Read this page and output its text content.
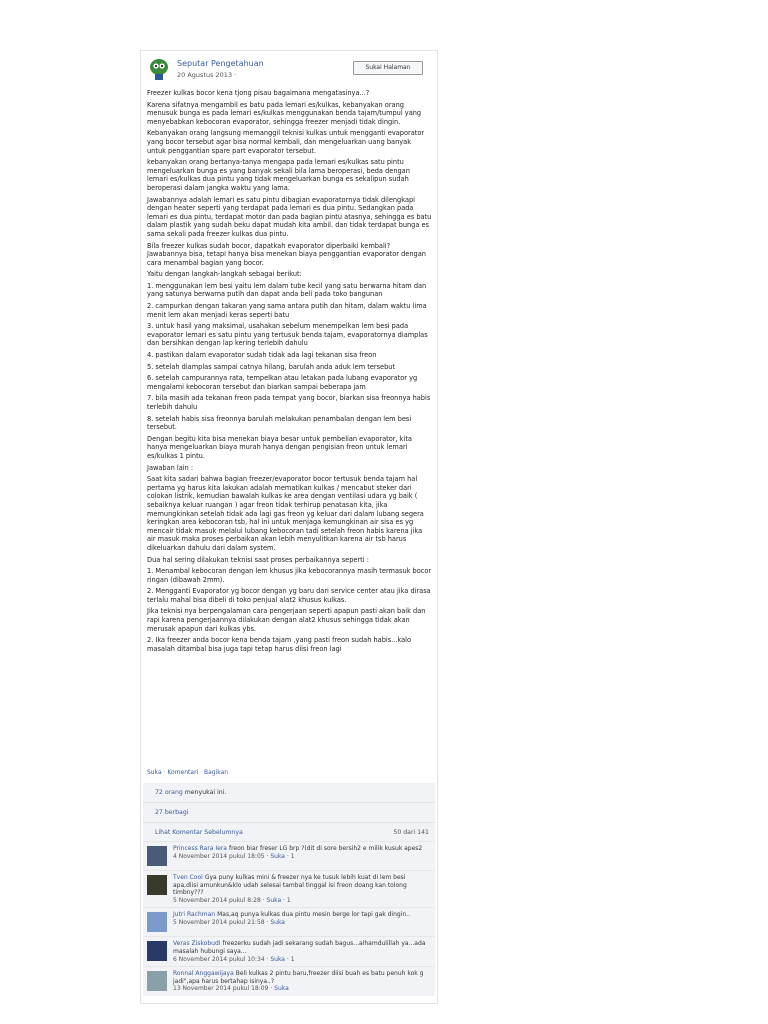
Seputar Pengetahuan
20 Agustus 2013 ·
Sukai Halaman

Freezer kulkas bocor kena tjong pisau bagaimana mengatasinya...?

Karena sifatnya mengambil es batu pada lemari es/kulkas, kebanyakan orang menusuk bunga es pada lemari es/kulkas menggunakan benda tajam/tumpul yang menyebabkan kebocoran evaporator, sehingga freezer menjadi tidak dingin.

Kebanyakan orang langsung memanggil teknisi kulkas untuk mengganti evaporator yang bocor tersebut agar bisa normal kembali, dan mengeluarkan uang banyak untuk penggantian spare part evaporator tersebut.

kebanyakan orang bertanya-tanya mengapa pada lemari es/kulkas satu pintu mengeluarkan bunga es yang banyak sekali bila lama beroperasi, beda dengan lemari es/kulkas dua pintu yang tidak mengeluarkan bunga es sekalipun sudah beroperasi dalam jangka waktu yang lama.

Jawabannya adalah lemari es satu pintu dibagian evaporatornya tidak dilengkapi dengan heater seperti yang terdapat pada lemari es dua pintu. Sedangkan pada lemari es dua pintu, terdapat motor dan pada bagian pintu atasnya, sehingga es batu dalam plastik yang sudah beku dapat mudah kita ambil. dan tidak terdapat bunga es sama sekali pada freezer kulkas dua pintu.

Bila freezer kulkas sudah bocor, dapatkah evaporator diperbaiki kembali? Jawabannya bisa, tetapi hanya bisa menekan biaya penggantian evaporator dengan cara menambal bagian yang bocor.

Yaitu dengan langkah-langkah sebagai berikut:

1. menggunakan lem besi yaitu lem dalam tube kecil yang satu berwarna hitam dan yang satunya berwarna putih dan dapat anda beli pada toko bangunan

2. campurkan dengan takaran yang sama antara putih dan hitam, dalam waktu lima menit lem akan menjadi keras seperti batu

3. untuk hasil yang maksimal, usahakan sebelum menempelkan lem besi pada evaporator lemari es satu pintu yang tertusuk benda tajam, evaporatornya diamplas dan bersihkan dengan lap kering terlebih dahulu

4. pastikan dalam evaporator sudah tidak ada lagi tekanan sisa freon

5. setelah diamplas sampai catnya hilang, barulah anda aduk lem tersebut

6. setelah campurannya rata, tempelkan atau letakan pada lubang evaporator yg mengalami kebocoran tersebut dan biarkan sampai beberapa jam

7. bila masih ada tekanan freon pada tempat yang bocor, biarkan sisa freonnya habis terlebih dahulu

8. setelah habis sisa freonnya barulah melakukan penambalan dengan lem besi tersebut.

Dengan begitu kita bisa menekan biaya besar untuk pembelian evaporator, kita hanya mengeluarkan biaya murah hanya dengan pengisian freon untuk lemari es/kulkas 1 pintu.

Jawaban lain :

Saat kita sadari bahwa bagian freezer/evaporator bocor tertusuk benda tajam hal pertama yg harus kita lakukan adalah mematikan kulkas / mencabut steker dari colokan listrik, kemudian bawalah kulkas ke area dengan ventilasi udara yg baik ( sebaiknya keluar ruangan ) agar freon tidak terhirup penatasan kita, jika memungkinkan setelah tidak ada lagi gas freon yg keluar dari dalam lubang segera keringkan area kebocoran tsb, hal ini untuk menjaga kemungkinan air sisa es yg mencair tidak masuk melalui lubang kebocoran tadi setelah freon habis karena jika air masuk maka proses perbaikan akan lebih menyulitkan karena air tsb harus dikeluarkan dahulu dari dalam system.

Dua hal sering dilakukan teknisi saat proses perbaikannya seperti :

1. Menambal kebocoran dengan lem khusus jika kebocorannya masih termasuk bocor ringan (dibawah 2mm).

2. Mengganti Evaporator yg bocor dengan yg baru dari service center atau jika dirasa terlalu mahal bisa dibeli di toko penjual alat2 khusus kulkas.

Jika teknisi nya berpengalaman cara pengerjaan seperti apapun pasti akan baik dan rapi karena pengerjaannya dilakukan dengan alat2 khusus sehingga tidak akan merusak apapun dari kulkas ybs.

2. Ika freezer anda bocor kena benda tajam ,yang pasti freon sudah habis...kalo masalah ditambal bisa juga tapi tetap harus diisi freon lagi

Suka · Komentari · Bagikan
72 orang menyukai ini.
27 berbagi
Lihat Komentar Sebelumnya	50 dari 141
Princess Rara Iera freon biar freser LG brp ?(dit di sore bersih2 e milik kusuk apes2
4 November 2014 pukul 18:05 · Suka · 1
Tven Cool Gya puny kulkas mini & freezer nya ke tusuk lebih kuat di lem besi apa,diisi amunkun&klo udah selesai tambal tinggal isi freon doang kan tolong timbny???
5 November 2014 pukul 8:28 · Suka · 1
Jutri Rachman Mas,aq punya kulkas dua pintu mesin berge lor tapi gak dingin..
5 November 2014 pukul 21:58 · Suka
Veras Ziskobudi freezerku sudah jadi sekarang sudah bagus...alhamdulillah ya...ada masalah hubungi saya...
6 November 2014 pukul 10:34 · Suka · 1
Ronnal Anggawijaya Beli kulkas 2 pintu baru,freezer diisi buah es batu penuh kok g jadi",apa harus bertahap isinya..?
13 November 2014 pukul 18:09 · Suka
